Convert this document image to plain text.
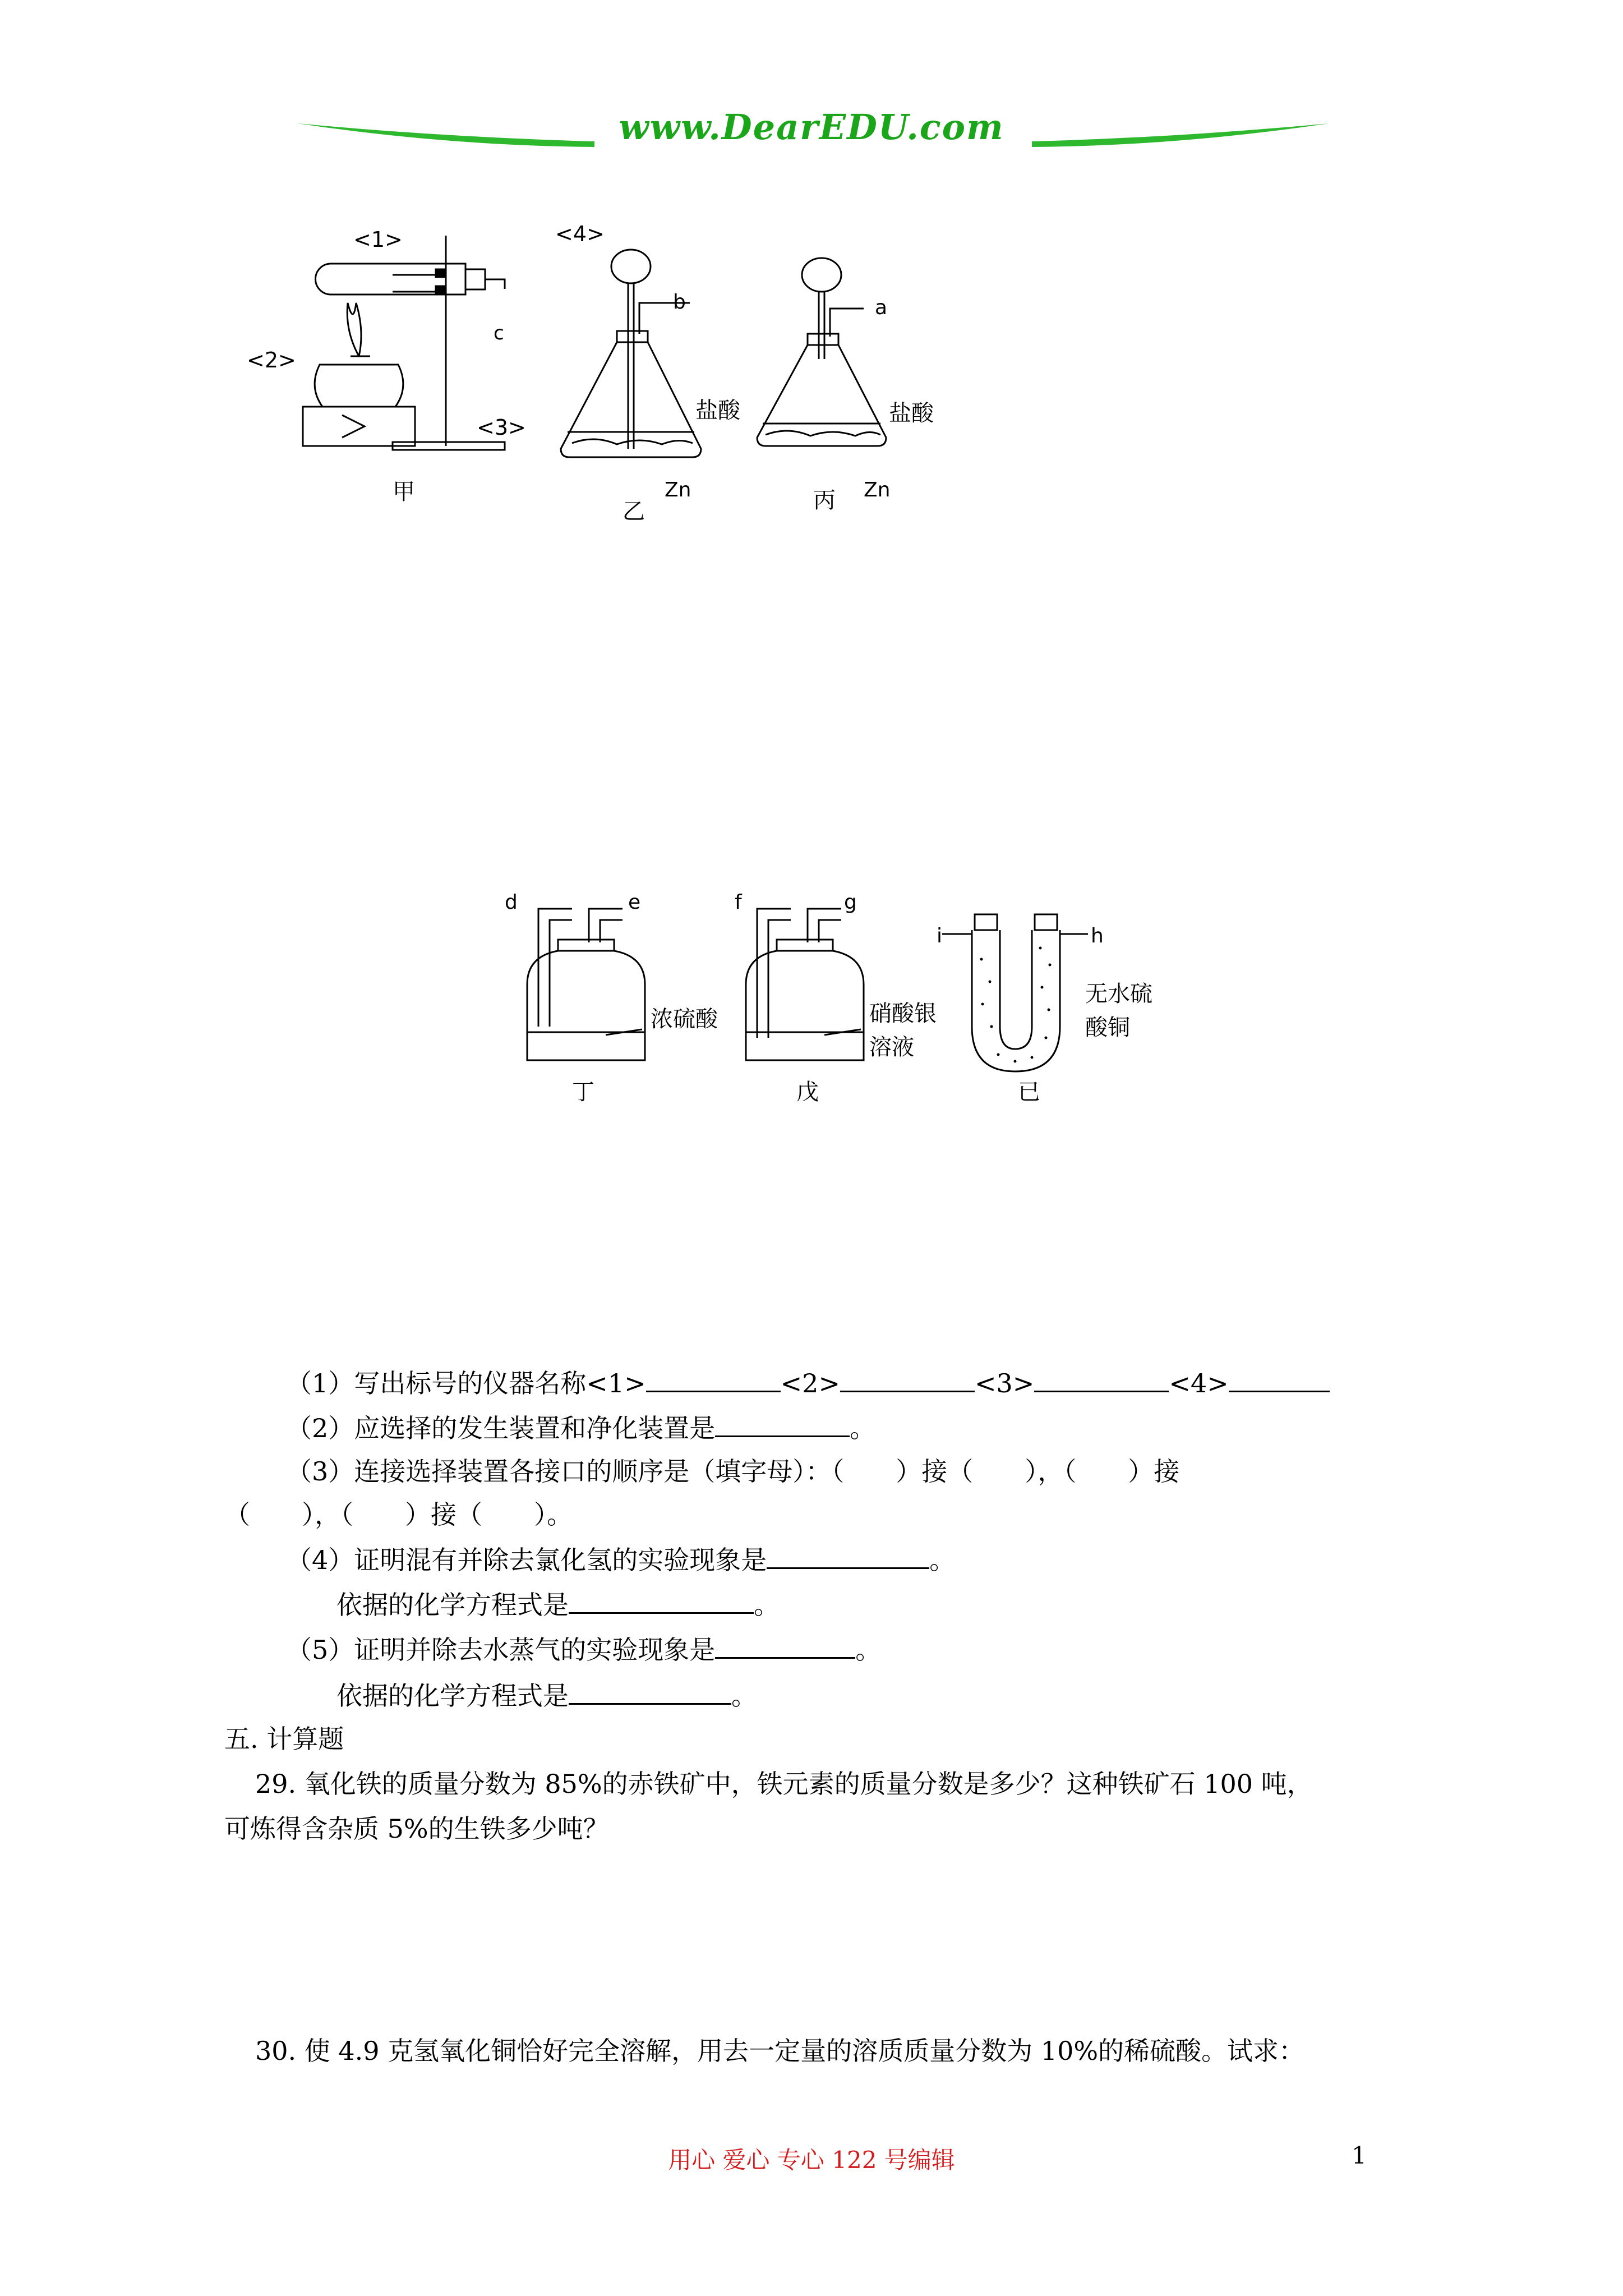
www.DearEDU.com
<1>
<2>
<3>
c
甲
<4>
b
盐酸
Zn
乙
a
盐酸
Zn
丙
d	e
浓硫酸
丁
f	g
硝酸银
溶液
戊
i	h
无水硫
酸铜
已
（1）写出标号的仪器名称<1>	<2>	<3>	<4>
（2）应选择的发生装置和净化装置是	。
（3）连接选择装置各接口的顺序是（填字母）：（　　）接（　　），（　　）接
（　　），（　　）接（　　）。
（4）证明混有并除去氯化氢的实验现象是	。
依据的化学方程式是	。
（5）证明并除去水蒸气的实验现象是	。
依据的化学方程式是	。
五. 计算题
29. 氧化铁的质量分数为 85%的赤铁矿中，铁元素的质量分数是多少？这种铁矿石 100 吨，
可炼得含杂质 5%的生铁多少吨？
30. 使 4.9 克氢氧化铜恰好完全溶解，用去一定量的溶质质量分数为 10%的稀硫酸。试求：
用心 爱心 专心 122 号编辑	1
